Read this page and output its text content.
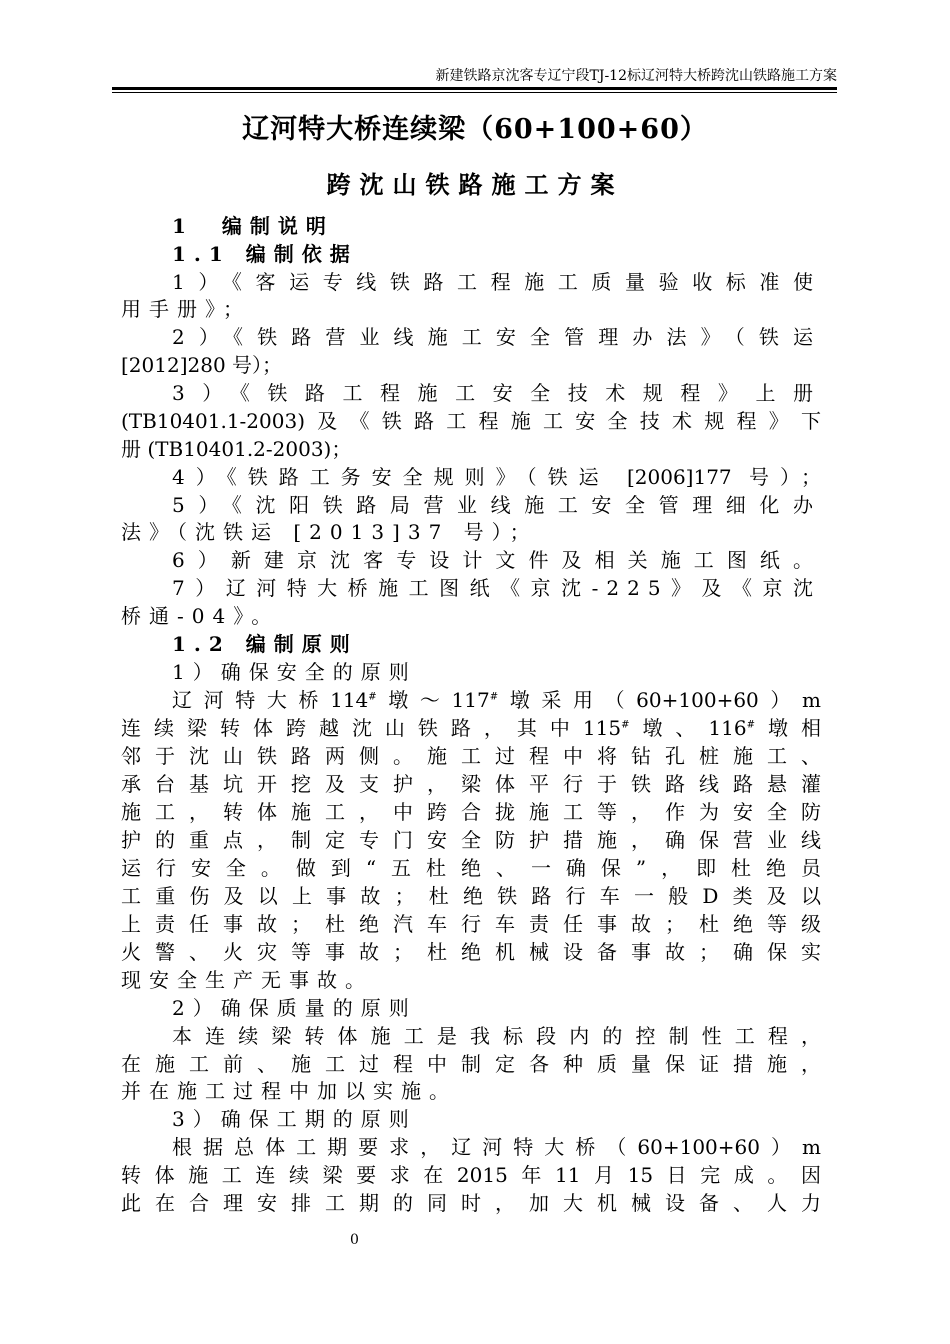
新建铁路京沈客专辽宁段TJ-12标辽河特大桥跨沈山铁路施工方案
辽河特大桥连续梁（60+100+60）
跨沈山铁路施工方案
1　编制说明
1.1 编制依据
1）《客运专线铁路工程施工质量验收标准使
用手册》；
2）《铁路营业线施工安全管理办法》（铁运
[2012]280 号）；
3）《铁路工程施工安全技术规程》上册
(TB10401.1-2003)及《铁路工程施工安全技术规程》下
册 (TB10401.2-2003)；
4）《铁路工务安全规则》（铁运 [2006]177 号）；
5）《沈阳铁路局营业线施工安全管理细化办
法》（沈铁运 [2013]37 号）；
6）新建京沈客专设计文件及相关施工图纸。
7）辽河特大桥施工图纸《京沈-225》及《京沈
桥通-04》。
1.2 编制原则
1）确保安全的原则
辽河特大桥114#墩～117#墩采用（60+100+60）m
连续梁转体跨越沈山铁路，其中115#墩、116#墩相
邻于沈山铁路两侧。施工过程中将钻孔桩施工、
承台基坑开挖及支护，梁体平行于铁路线路悬灌
施工，转体施工，中跨合拢施工等，作为安全防
护的重点，制定专门安全防护措施，确保营业线
运行安全。做到“五杜绝、一确保”，即杜绝员
工重伤及以上事故；杜绝铁路行车一般D类及以
上责任事故；杜绝汽车行车责任事故；杜绝等级
火警、火灾等事故；杜绝机械设备事故；确保实
现安全生产无事故。
2）确保质量的原则
本连续梁转体施工是我标段内的控制性工程，
在施工前、施工过程中制定各种质量保证措施，
并在施工过程中加以实施。
3）确保工期的原则
根据总体工期要求，辽河特大桥（60+100+60）m
转体施工连续梁要求在2015年11月15日完成。因
此在合理安排工期的同时，加大机械设备、人力
0
